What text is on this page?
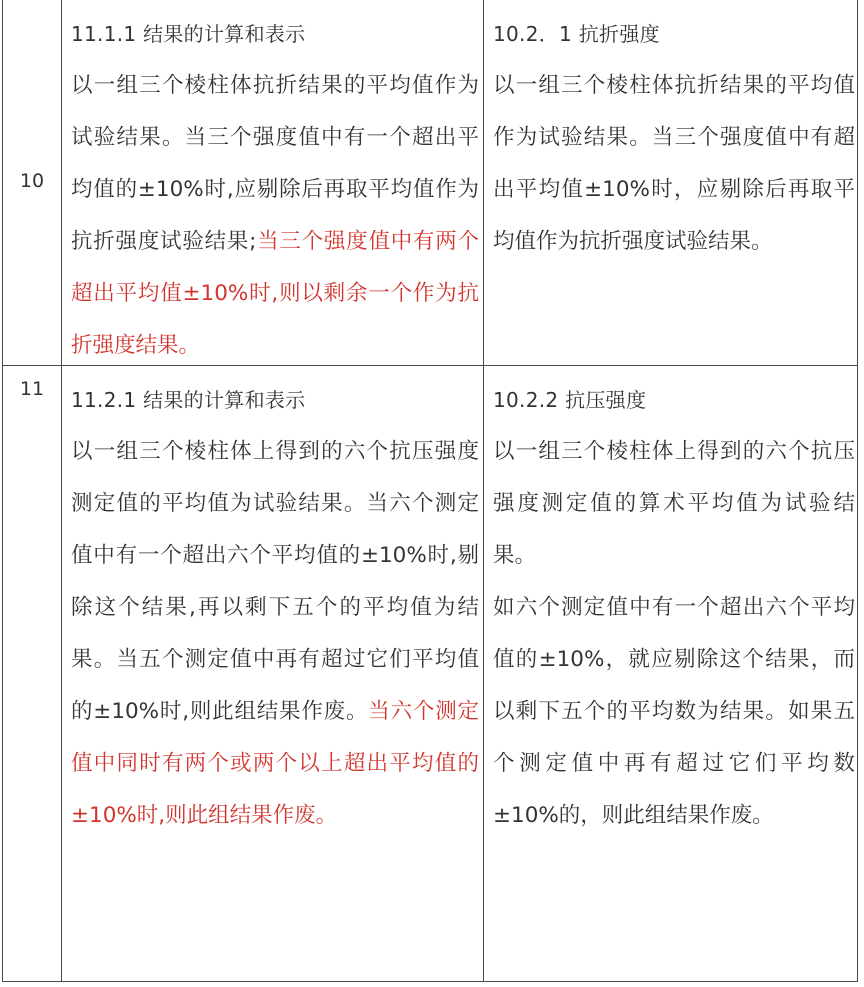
10
11.1.1 结果的计算和表示
以一组三个棱柱体抗折结果的平均值作为试验结果。当三个强度值中有一个超出平均值的±10%时,应剔除后再取平均值作为抗折强度试验结果;当三个强度值中有两个超出平均值±10%时,则以剩余一个作为抗折强度结果。
10.2．1 抗折强度
以一组三个棱柱体抗折结果的平均值作为试验结果。当三个强度值中有超出平均值±10%时，应剔除后再取平均值作为抗折强度试验结果。
11	11.2.1 结果的计算和表示
以一组三个棱柱体上得到的六个抗压强度测定值的平均值为试验结果。当六个测定值中有一个超出六个平均值的±10%时,剔除这个结果,再以剩下五个的平均值为结果。当五个测定值中再有超过它们平均值的±10%时,则此组结果作废。当六个测定值中同时有两个或两个以上超出平均值的±10%时,则此组结果作废。
10.2.2 抗压强度
以一组三个棱柱体上得到的六个抗压强度测定值的算术平均值为试验结果。
如六个测定值中有一个超出六个平均值的±10%，就应剔除这个结果，而以剩下五个的平均数为结果。如果五个测定值中再有超过它们平均数±10%的，则此组结果作废。
